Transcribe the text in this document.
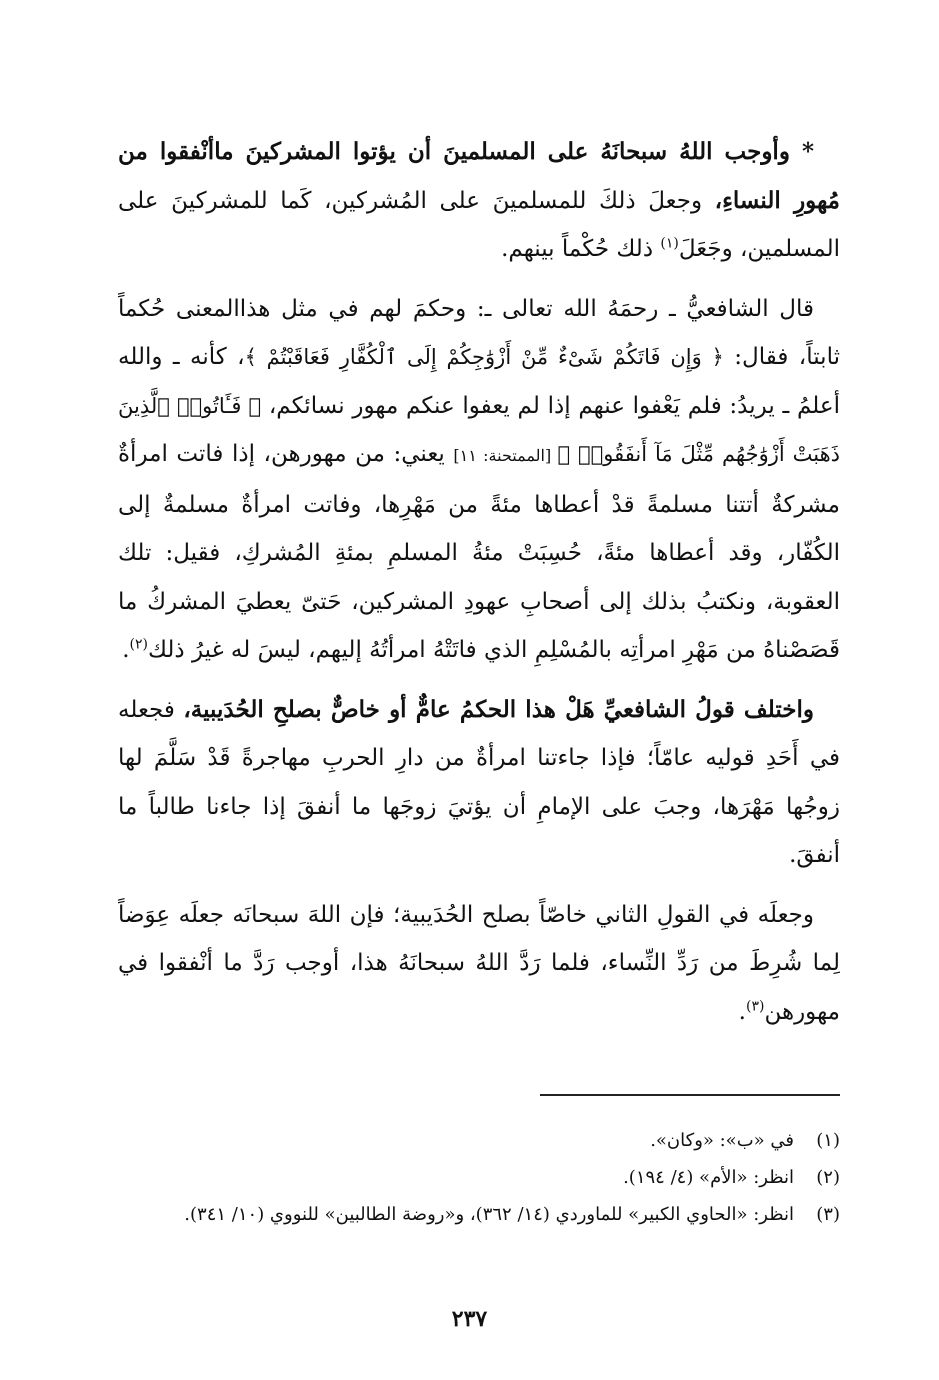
* وأوجب اللهُ سبحانَهُ على المسلمينَ أن يؤتوا المشركينَ ماأنْفقوا من مُهورِ النساءِ، وجعلَ ذلكَ للمسلمينَ على المُشركين، كَما للمشركينَ على المسلمين، وجَعَلَ$^{(١)}$ ذلك حُكْماً بينهم.

قال الشافعيُّ ـ رحمَهُ الله تعالى ـ: وحكمَ لهم في مثل هذاالمعنى حُكماً ثابتاً، فقال: ﴿ وَإِن فَاتَكُمْ شَىْءٌ مِّنْ أَزْوَٰجِكُمْ إِلَى ٱلْكُفَّارِ فَعَاقَبْتُمْ ﴾، كأنه ـ والله أعلمُ ـ يريدُ: فلم يَعْفوا عنهم إذا لم يعفوا عنكم مهور نسائكم، ﴿ فَـَٔاتُوا۟ ٱلَّذِينَ ذَهَبَتْ أَزْوَٰجُهُم مِّثْلَ مَآ أَنفَقُوا۟ ﴾ [الممتحنة: ١١] يعني: من مهورهن، إذا فاتت امرأةٌ مشركةٌ أتتنا مسلمةً قدْ أعطاها مئةً من مَهْرِها، وفاتت امرأةٌ مسلمةٌ إلى الكُفّار، وقد أعطاها مئةً، حُسِبَتْ مئةُ المسلمِ بمئةِ المُشركِ، فقيل: تلك العقوبة، ونكتبُ بذلك إلى أصحابِ عهودِ المشركين، حَتىّ يعطيَ المشركُ ما قَصَصْناهُ من مَهْرِ امرأتِه بالمُسْلِمِ الذي فاتَتْهُ امرأتُهُ إليهم، ليسَ له غيرُ ذلك$^{(٢)}$.

واختلف قولُ الشافعيِّ هَلْ هذا الحكمُ عامٌّ أو خاصٌّ بصلحِ الحُدَيبية، فجعله في أَحَدِ قوليه عامّاً؛ فإذا جاءتنا امرأةٌ من دارِ الحربِ مهاجرةً قَدْ سَلَّمَ لها زوجُها مَهْرَها، وجبَ على الإمامِ أن يؤتيَ زوجَها ما أنفقَ إذا جاءنا طالباً ما أنفقَ.

وجعلَه في القولِ الثاني خاصّاً بصلح الحُدَيبية؛ فإن اللهَ سبحانَه جعلَه عِوَضاً لِما شُرِطَ من رَدِّ النِّساء، فلما رَدَّ اللهُ سبحانَهُ هذا، أوجب رَدَّ ما أنْفقوا في مهورهن$^{(٣)}$.

(١)
في «ب»: «وكان».
(٢)
انظر: «الأم» (٤/ ١٩٤).
(٣)
انظر: «الحاوي الكبير» للماوردي (١٤/ ٣٦٢)، و«روضة الطالبين» للنووي (١٠/ ٣٤١).
٢٣٧
